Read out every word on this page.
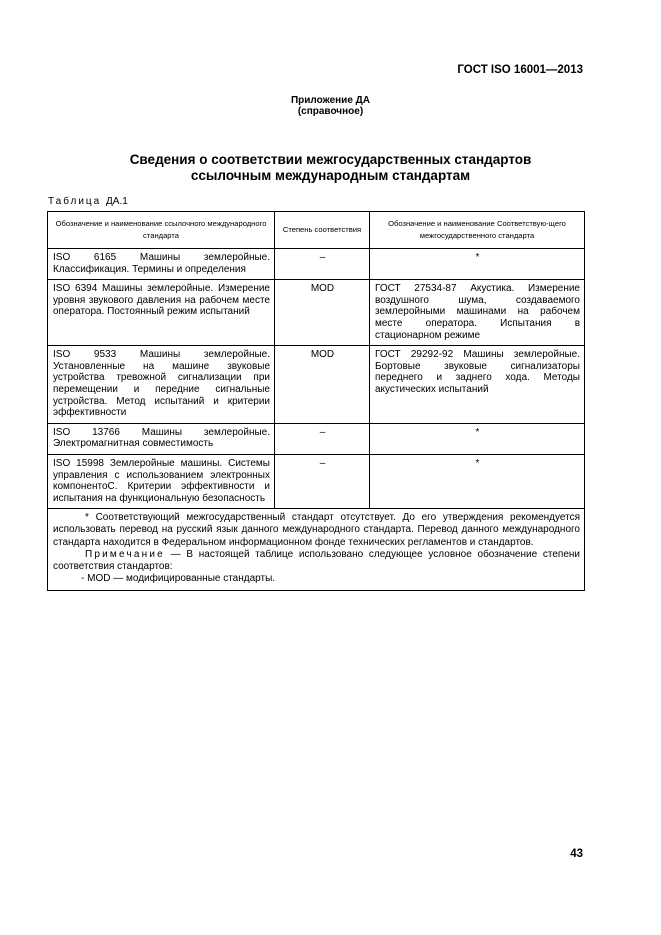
ГОСТ ISO 16001—2013
Приложение ДА
(справочное)
Сведения о соответствии межгосударственных стандартов
ссылочным международным стандартам
Таблица ДА.1
Обозначение и наименование ссылочного международного стандарта	Степень соответствия	Обозначение и наименование Соответствую-щего межгосударственного стандарта
ISO 6165 Машины землеройные. Классификация. Термины и определения	–	*
ISO 6394 Машины землеройные. Измерение уровня звукового давления на рабочем месте оператора. Постоянный режим испытаний	MOD	ГОСТ 27534-87 Акустика. Измерение воздушного шума, создаваемого землеройными машинами на рабочем месте оператора. Испытания в стационарном режиме
ISO 9533 Машины землеройные. Установленные на машине звуковые устройства тревожной сигнализации при перемещении и передние сигнальные устройства. Метод испытаний и критерии эффективности	MOD	ГОСТ 29292-92 Машины землеройные. Бортовые звуковые сигнализаторы переднего и заднего хода. Методы акустических испытаний
ISO 13766 Машины землеройные. Электромагнитная совместимость	–	*
ISO 15998 Землеройные машины. Системы управления с использованием электронных компонентоС. Критерии эффективности и испытания на функциональную безопасность	–	*

* Соответствующий межгосударственный стандарт отсутствует. До его утверждения рекомендуется использовать перевод на русский язык данного международного стандарта. Перевод данного международного стандарта находится в Федеральном информационном фонде технических регламентов и стандартов.

Примечание — В настоящей таблице использовано следующее условное обозначение степени соответствия стандартов:

- MOD — модифицированные стандарты.		

43
